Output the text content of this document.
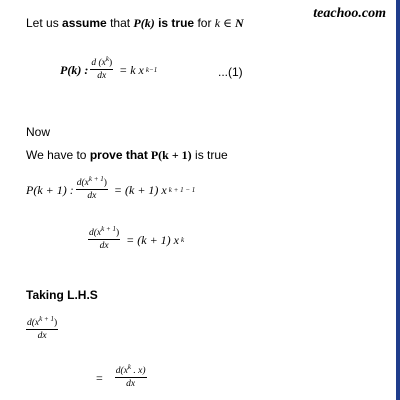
teachoo.com
Let us assume that P(k) is true for k ∈ N
P(k) : $\frac{d (x^k)}{dx} = k$ x k−1	...(1)
Now
We have to prove that P(k + 1) is true
P(k + 1) : $\frac{d(x^{k + 1})}{dx} = (k + 1)$ x k + 1 − 1
$\frac{d(x^{k + 1})}{dx} = (k + 1)$ x k
Taking L.H.S
$\frac{d(x^{k + 1})}{dx}$
= $\frac{d(x^k . x)}{dx}$
